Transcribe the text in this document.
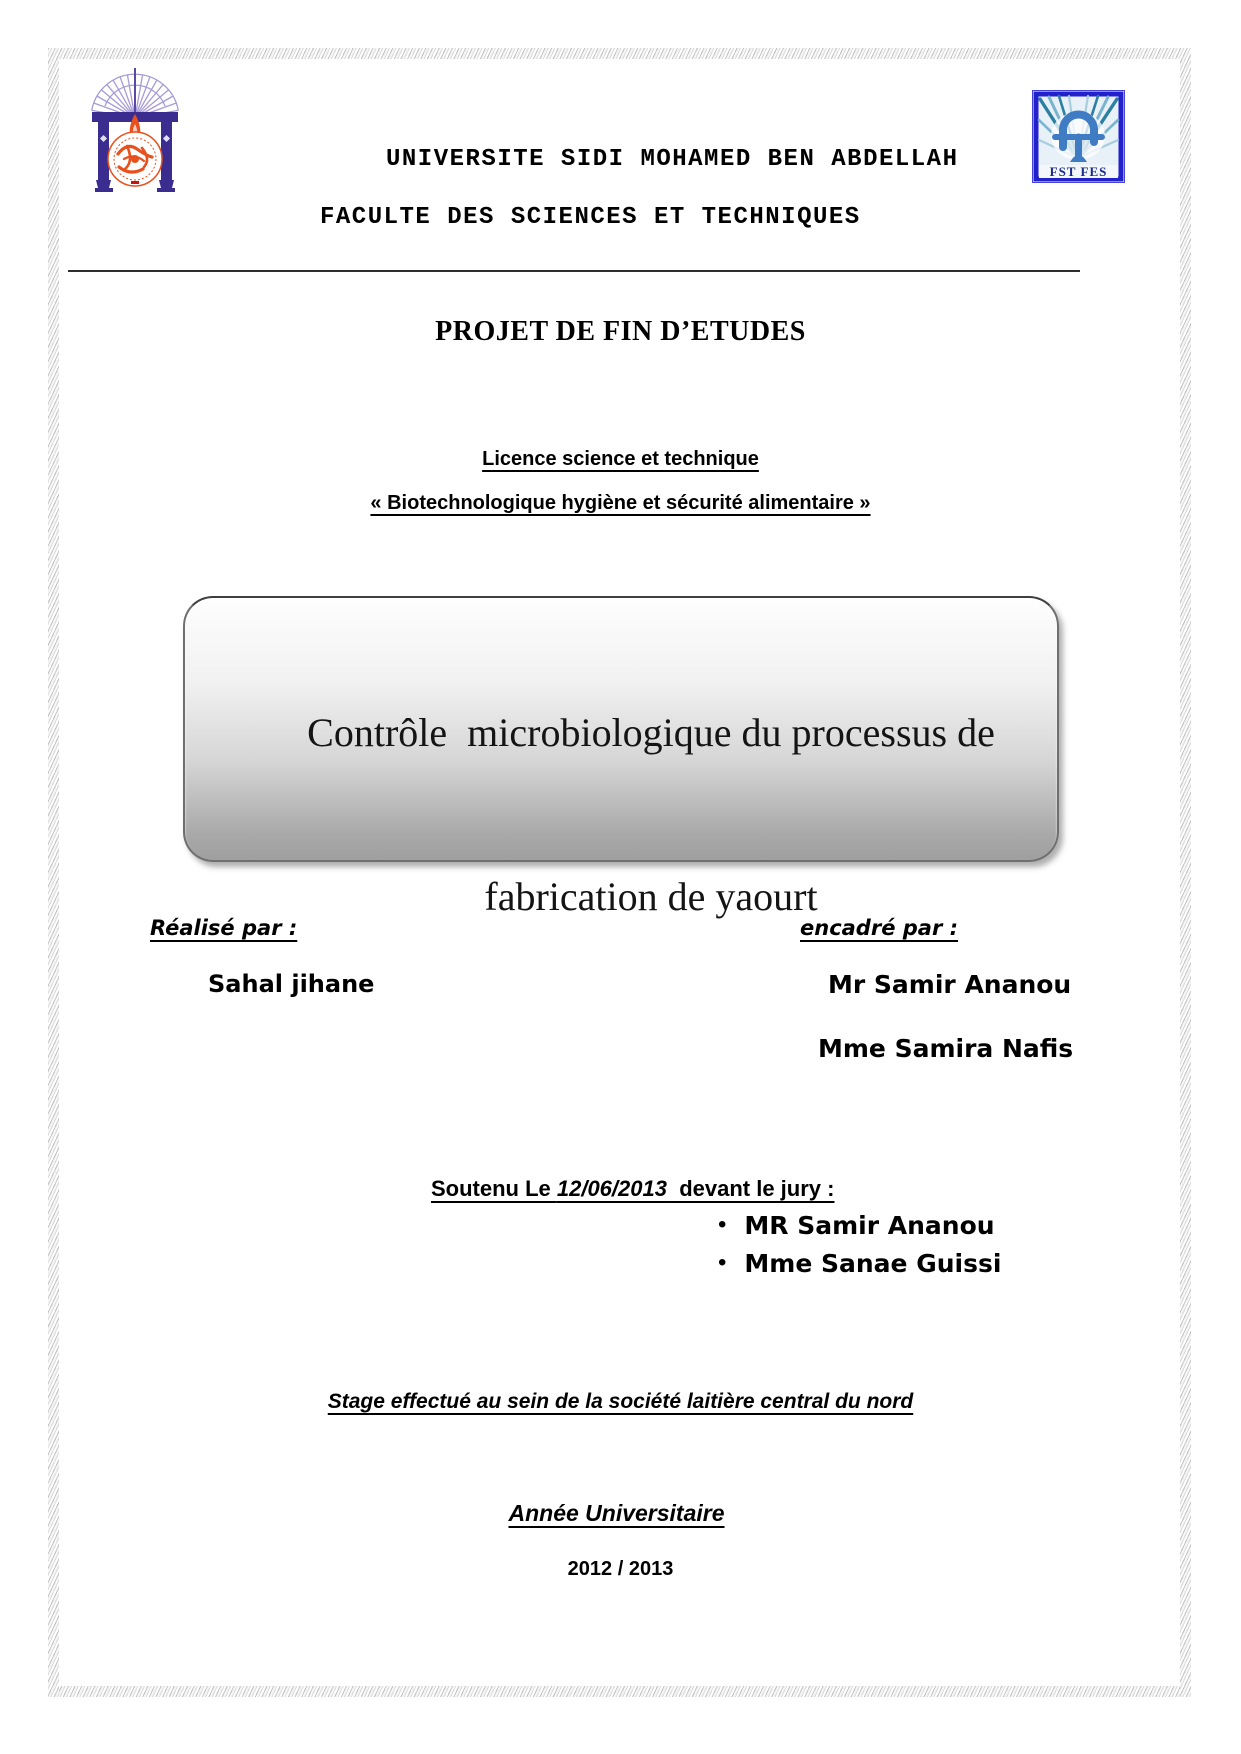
FST FES
UNIVERSITE SIDI MOHAMED BEN ABDELLAH
FACULTE DES SCIENCES ET TECHNIQUES
PROJET DE FIN D’ETUDES
Licence science et technique
« Biotechnologique hygiène et sécurité alimentaire »

Contrôle  microbiologique du processus de

fabrication de yaourt

Réalisé par :	encadré par :
Sahal jihane	Mr Samir Ananou
Mme Samira Nafis

Soutenu Le 12/06/2013  devant le jury :

• MR Samir Ananou
• Mme Sanae Guissi
Stage effectué au sein de la société laitière central du nord
Année Universitaire
2012 / 2013
